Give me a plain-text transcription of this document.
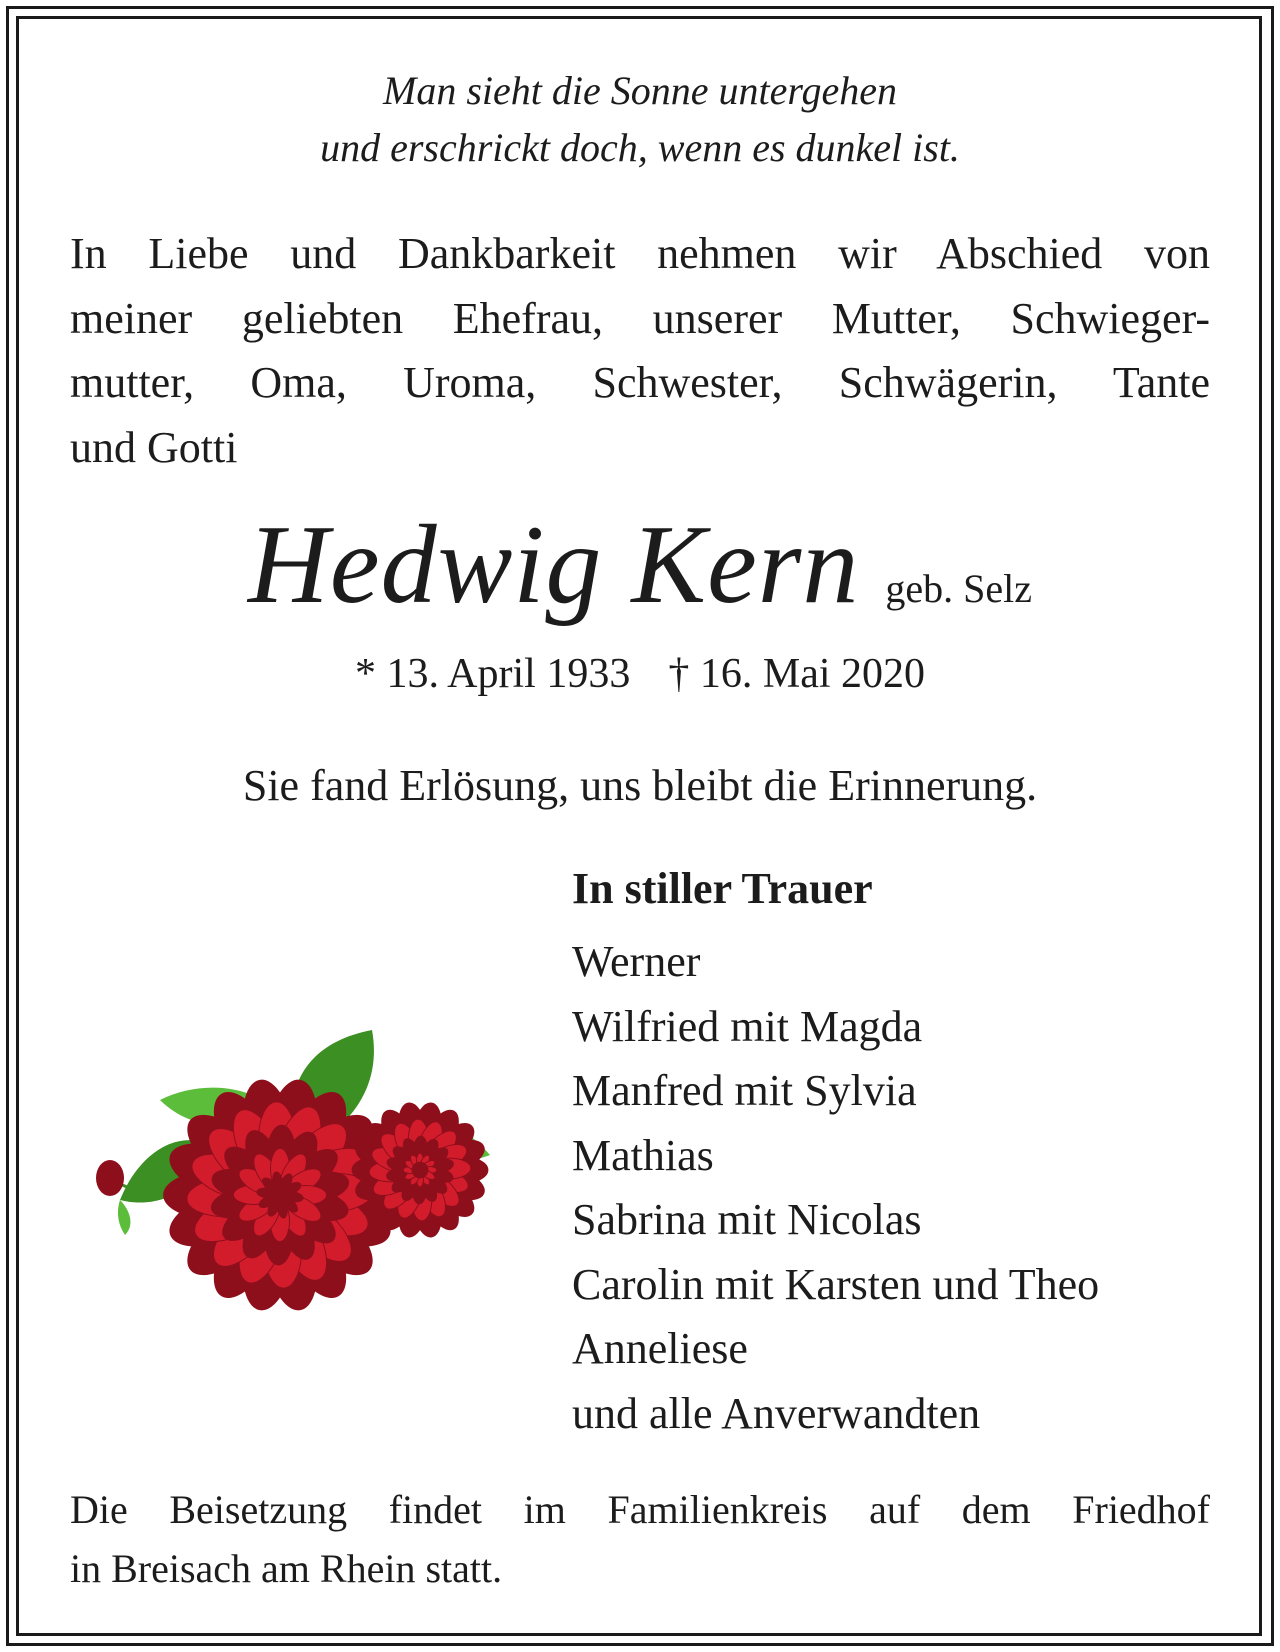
Man sieht die Sonne untergehen
und erschrickt doch, wenn es dunkel ist.
In Liebe und Dankbarkeit nehmen wir Abschied von
meiner geliebten Ehefrau, unserer Mutter, Schwieger-
mutter, Oma, Uroma, Schwester, Schwägerin, Tante
und Gotti
Hedwig Kern geb. Selz
* 13. April 1933 † 16. Mai 2020
Sie fand Erlösung, uns bleibt die Erinnerung.
In stiller Trauer
Werner
Wilfried mit Magda
Manfred mit Sylvia
Mathias
Sabrina mit Nicolas
Carolin mit Karsten und Theo
Anneliese
und alle Anverwandten
Die Beisetzung findet im Familienkreis auf dem Friedhof
in Breisach am Rhein statt.
